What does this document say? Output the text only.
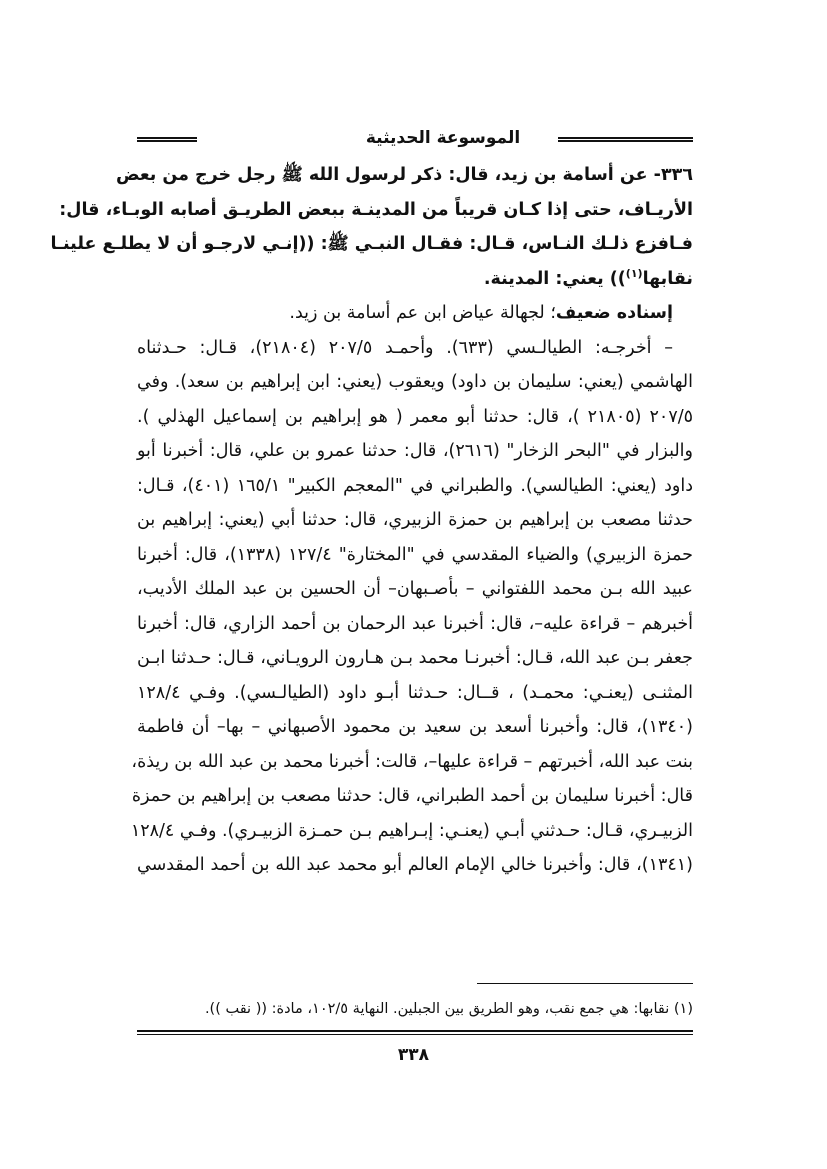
الموسوعة الحديثية
٣٣٦- عن أسامة بن زيد، قال: ذكر لرسول الله ﷺ رجل خرج من بعض
الأريـاف، حتى إذا كـان قريباً من المدينـة ببعض الطريـق أصابه الوبـاء، قال:
فـافزع ذلـك النـاس، قـال: فقـال النبـي ﷺ: ((إنـي لارجـو أن لا يطلـع علينـا
نقابها$^{(١)}$)) يعني: المدينة.
إسناده ضعيف؛ لجهالة عياض ابن عم أسامة بن زيد.
– أخرجـه: الطيالـسي (٦٣٣). وأحمـد ٢٠٧/٥ (٢١٨٠٤)، قـال: حـدثناه
الهاشمي (يعني: سليمان بن داود) ويعقوب (يعني: ابن إبراهيم بن سعد). وفي
٢٠٧/٥ (٢١٨٠٥ )، قال: حدثنا أبو معمر ( هو إبراهيم بن إسماعيل الهذلي ).
والبزار في "البحر الزخار" (٢٦١٦)، قال: حدثنا عمرو بن علي، قال: أخبرنا أبو
داود (يعني: الطيالسي). والطبراني في "المعجم الكبير" ١٦٥/١ (٤٠١)، قـال:
حدثنا مصعب بن إبراهيم بن حمزة الزبيري، قال: حدثنا أبي (يعني: إبراهيم بن
حمزة الزبيري) والضياء المقدسي في "المختارة" ١٢٧/٤ (١٣٣٨)، قال: أخبرنا
عبيد الله بـن محمد اللفتواني – بأصـبهان– أن الحسين بن عبد الملك الأديب،
أخبرهم – قراءة عليه–، قال: أخبرنا عبد الرحمان بن أحمد الزاري، قال: أخبرنا
جعفر بـن عبد الله، قـال: أخبرنـا محمد بـن هـارون الرويـاني، قـال: حـدثنا ابـن
المثنـى (يعنـي: محمـد) ، قــال: حـدثنا أبـو داود (الطيالـسي). وفـي ١٢٨/٤
(١٣٤٠)، قال: وأخبرنا أسعد بن سعيد بن محمود الأصبهاني – بها– أن فاطمة
بنت عبد الله، أخبرتهم – قراءة عليها–، قالت: أخبرنا محمد بن عبد الله بن ريذة،
قال: أخبرنا سليمان بن أحمد الطبراني، قال: حدثنا مصعب بن إبراهيم بن حمزة
الزبيـري، قـال: حـدثني أبـي (يعنـي: إبـراهيم بـن حمـزة الزبيـري). وفـي ١٢٨/٤
(١٣٤١)، قال: وأخبرنا خالي الإمام العالم أبو محمد عبد الله بن أحمد المقدسي
(١) نقابها: هي جمع نقب، وهو الطريق بين الجبلين. النهاية ١٠٢/٥، مادة: (( نقب )).
٣٣٨
